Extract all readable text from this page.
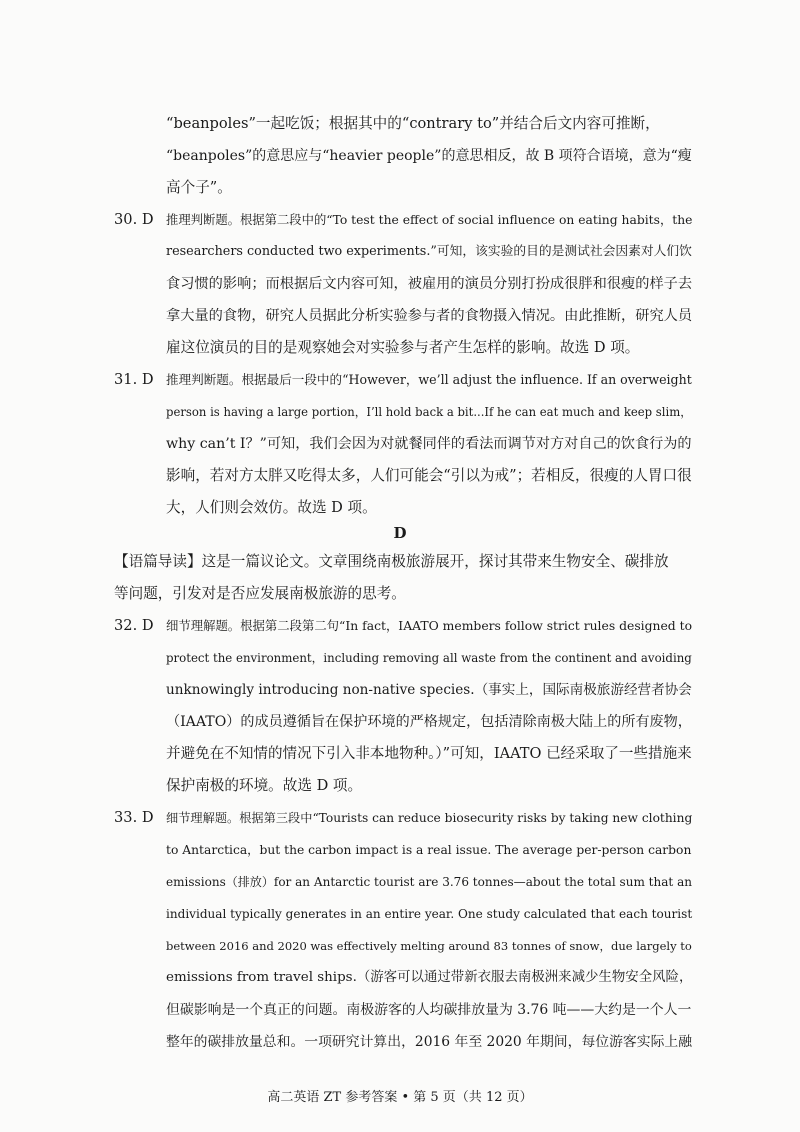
“beanpoles”一起吃饭；根据其中的“contrary to”并结合后文内容可推断，
“beanpoles”的意思应与“heavier people”的意思相反，故 B 项符合语境，意为“瘦
高个子”。
30. D 推理判断题。根据第二段中的“To test the effect of social influence on eating habits，the
researchers conducted two experiments.”可知，该实验的目的是测试社会因素对人们饮
食习惯的影响；而根据后文内容可知，被雇用的演员分别打扮成很胖和很瘦的样子去
拿大量的食物，研究人员据此分析实验参与者的食物摄入情况。由此推断，研究人员
雇这位演员的目的是观察她会对实验参与者产生怎样的影响。故选 D 项。
31. D 推理判断题。根据最后一段中的“However，we’ll adjust the influence. If an overweight
person is having a large portion，I’ll hold back a bit...If he can eat much and keep slim，
why can’t I？”可知，我们会因为对就餐同伴的看法而调节对方对自己的饮食行为的
影响，若对方太胖又吃得太多，人们可能会“引以为戒”；若相反，很瘦的人胃口很
大，人们则会效仿。故选 D 项。
D
【语篇导读】这是一篇议论文。文章围绕南极旅游展开，探讨其带来生物安全、碳排放
等问题，引发对是否应发展南极旅游的思考。
32. D 细节理解题。根据第二段第二句“In fact，IAATO members follow strict rules designed to
protect the environment，including removing all waste from the continent and avoiding
unknowingly introducing non-native species.（事实上，国际南极旅游经营者协会
（IAATO）的成员遵循旨在保护环境的严格规定，包括清除南极大陆上的所有废物，
并避免在不知情的情况下引入非本地物种。）”可知，IAATO 已经采取了一些措施来
保护南极的环境。故选 D 项。
33. D 细节理解题。根据第三段中“Tourists can reduce biosecurity risks by taking new clothing
to Antarctica，but the carbon impact is a real issue. The average per-person carbon
emissions（排放）for an Antarctic tourist are 3.76 tonnes—about the total sum that an
individual typically generates in an entire year. One study calculated that each tourist
between 2016 and 2020 was effectively melting around 83 tonnes of snow，due largely to
emissions from travel ships.（游客可以通过带新衣服去南极洲来减少生物安全风险，
但碳影响是一个真正的问题。南极游客的人均碳排放量为 3.76 吨——大约是一个人一
整年的碳排放量总和。一项研究计算出，2016 年至 2020 年期间，每位游客实际上融
高二英语 ZT 参考答案 • 第 5 页（共 12 页）
